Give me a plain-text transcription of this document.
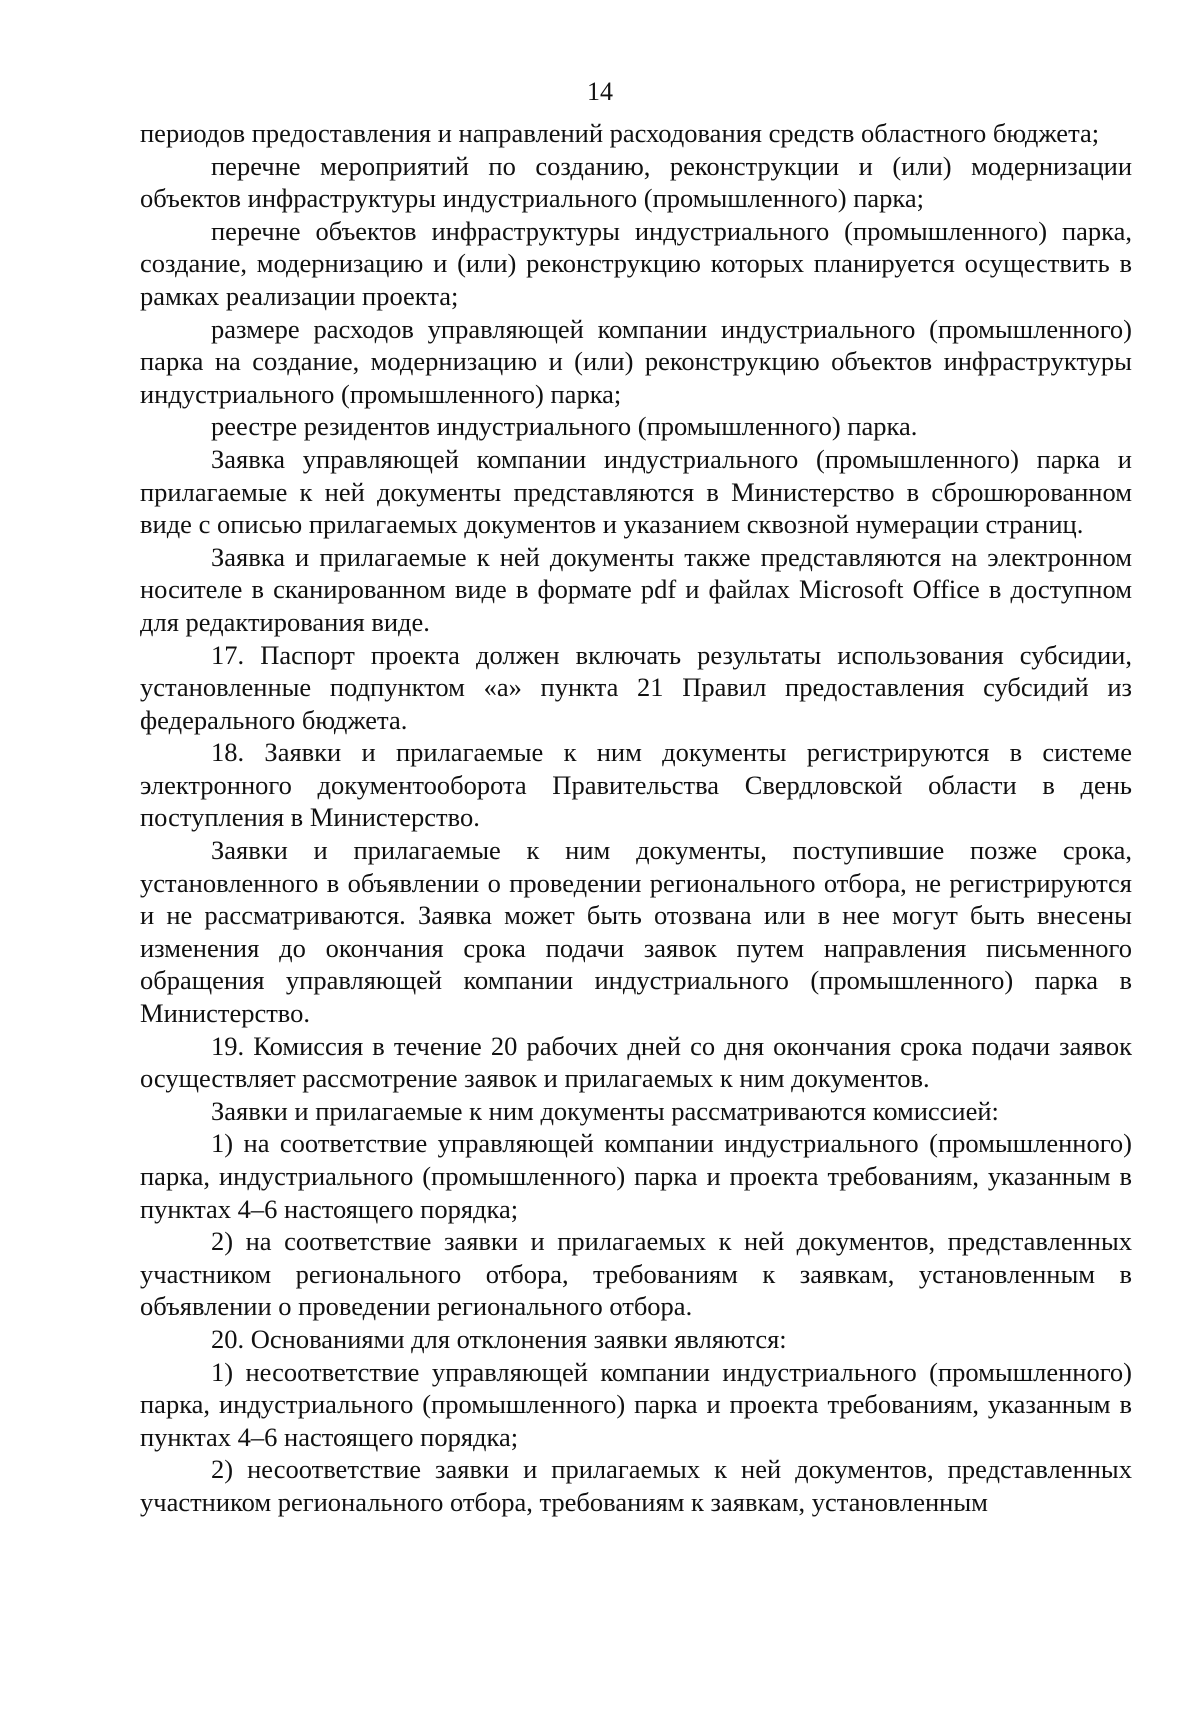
14

периодов предоставления и направлений расходования средств областного бюджета;

перечне мероприятий по созданию, реконструкции и (или) модернизации объектов инфраструктуры индустриального (промышленного) парка;

перечне объектов инфраструктуры индустриального (промышленного) парка, создание, модернизацию и (или) реконструкцию которых планируется осуществить в рамках реализации проекта;

размере расходов управляющей компании индустриального (промышленного) парка на создание, модернизацию и (или) реконструкцию объектов инфраструктуры индустриального (промышленного) парка;

реестре резидентов индустриального (промышленного) парка.

Заявка управляющей компании индустриального (промышленного) парка и прилагаемые к ней документы представляются в Министерство в сброшюрованном виде с описью прилагаемых документов и указанием сквозной нумерации страниц.

Заявка и прилагаемые к ней документы также представляются на электронном носителе в сканированном виде в формате pdf и файлах Microsoft Office в доступном для редактирования виде.

17. Паспорт проекта должен включать результаты использования субсидии, установленные подпунктом «а» пункта 21 Правил предоставления субсидий из федерального бюджета.

18. Заявки и прилагаемые к ним документы регистрируются в системе электронного документооборота Правительства Свердловской области в день поступления в Министерство.

Заявки и прилагаемые к ним документы, поступившие позже срока, установленного в объявлении о проведении регионального отбора, не регистрируются и не рассматриваются. Заявка может быть отозвана или в нее могут быть внесены изменения до окончания срока подачи заявок путем направления письменного обращения управляющей компании индустриального (промышленного) парка в Министерство.

19. Комиссия в течение 20 рабочих дней со дня окончания срока подачи заявок осуществляет рассмотрение заявок и прилагаемых к ним документов.

Заявки и прилагаемые к ним документы рассматриваются комиссией:

1) на соответствие управляющей компании индустриального (промышленного) парка, индустриального (промышленного) парка и проекта требованиям, указанным в пунктах 4–6 настоящего порядка;

2) на соответствие заявки и прилагаемых к ней документов, представленных участником регионального отбора, требованиям к заявкам, установленным в объявлении о проведении регионального отбора.

20. Основаниями для отклонения заявки являются:

1) несоответствие управляющей компании индустриального (промышленного) парка, индустриального (промышленного) парка и проекта требованиям, указанным в пунктах 4–6 настоящего порядка;

2) несоответствие заявки и прилагаемых к ней документов, представленных участником регионального отбора, требованиям к заявкам, установленным
